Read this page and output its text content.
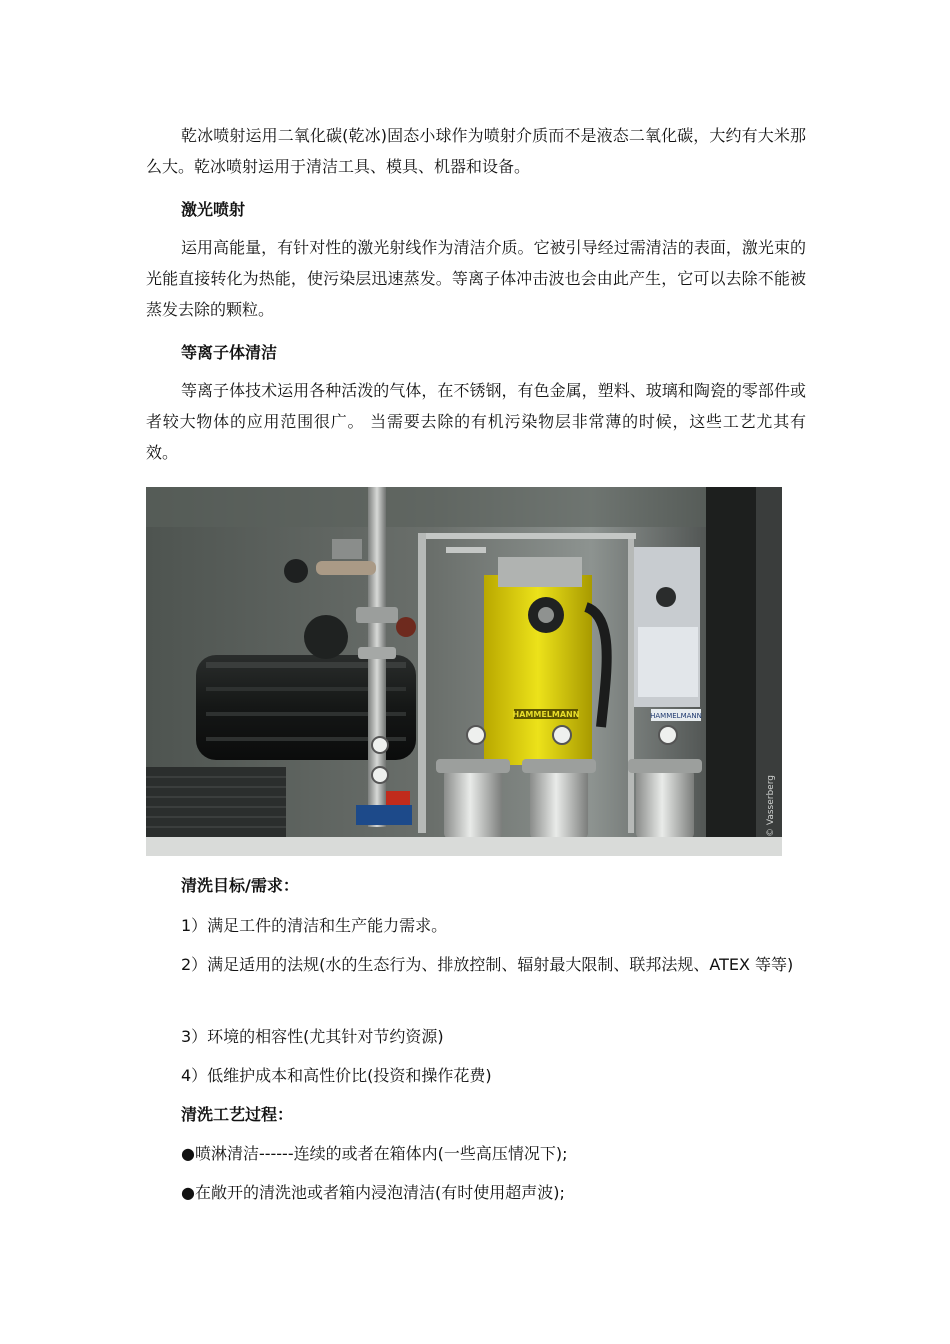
乾冰喷射运用二氧化碳(乾冰)固态小球作为喷射介质而不是液态二氧化碳，大约有大米那么大。乾冰喷射运用于清洁工具、模具、机器和设备。

激光喷射

运用高能量，有针对性的激光射线作为清洁介质。它被引导经过需清洁的表面，激光束的光能直接转化为热能，使污染层迅速蒸发。等离子体冲击波也会由此产生，它可以去除不能被蒸发去除的颗粒。

等离子体清洁

等离子体技术运用各种活泼的气体，在不锈钢，有色金属，塑料、玻璃和陶瓷的零部件或者较大物体的应用范围很广。 当需要去除的有机污染物层非常薄的时候，这些工艺尤其有效。

HAMMELMANN	HAMMELMANN
© Vasserberg

清洗目标/需求：

1）满足工件的清洁和生产能力需求。

2）满足适用的法规(水的生态行为、排放控制、辐射最大限制、联邦法规、ATEX 等等)

3）环境的相容性(尤其针对节约资源)

4）低维护成本和高性价比(投资和操作花费)

清洗工艺过程：

●喷淋清洁------连续的或者在箱体内(一些高压情况下);

●在敞开的清洗池或者箱内浸泡清洁(有时使用超声波);
